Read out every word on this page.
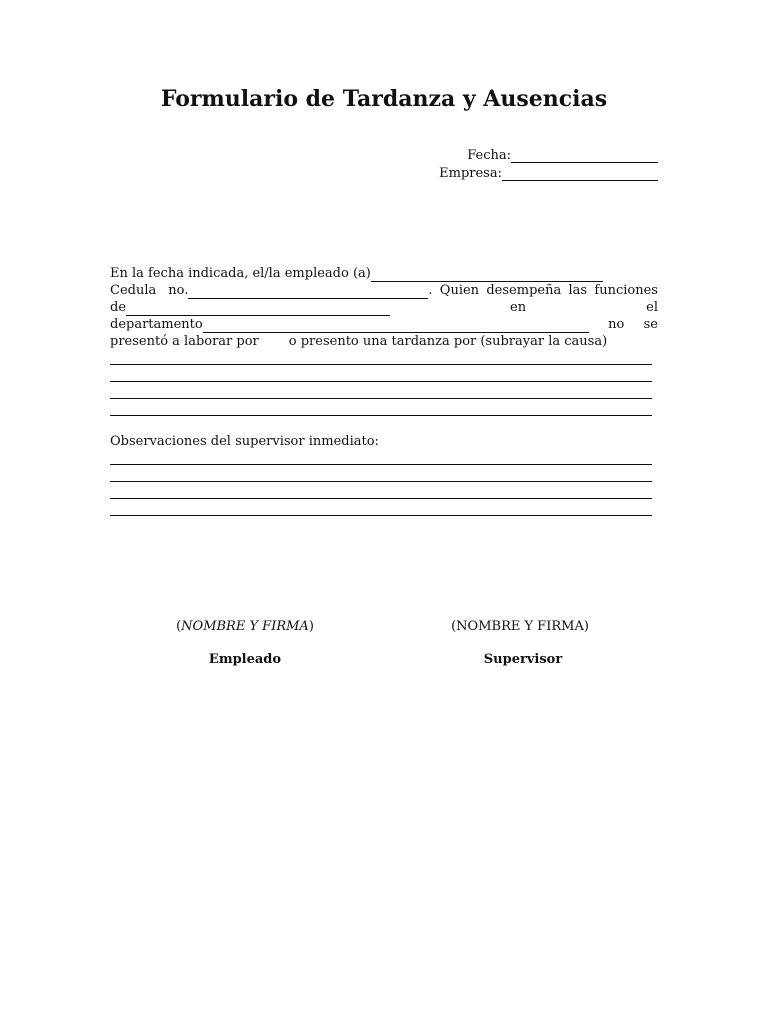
Formulario de Tardanza y Ausencias
Fecha:
Empresa:
En la fecha indicada, el/la empleado (a)
Cedula no.	. Quien desempeña las funciones
de	en	el
departamento	no se
presentó a laborar por o presento una tardanza por (subrayar la causa)
Observaciones del supervisor inmediato:
(NOMBRE Y FIRMA)	(NOMBRE Y FIRMA)
Empleado	Supervisor
